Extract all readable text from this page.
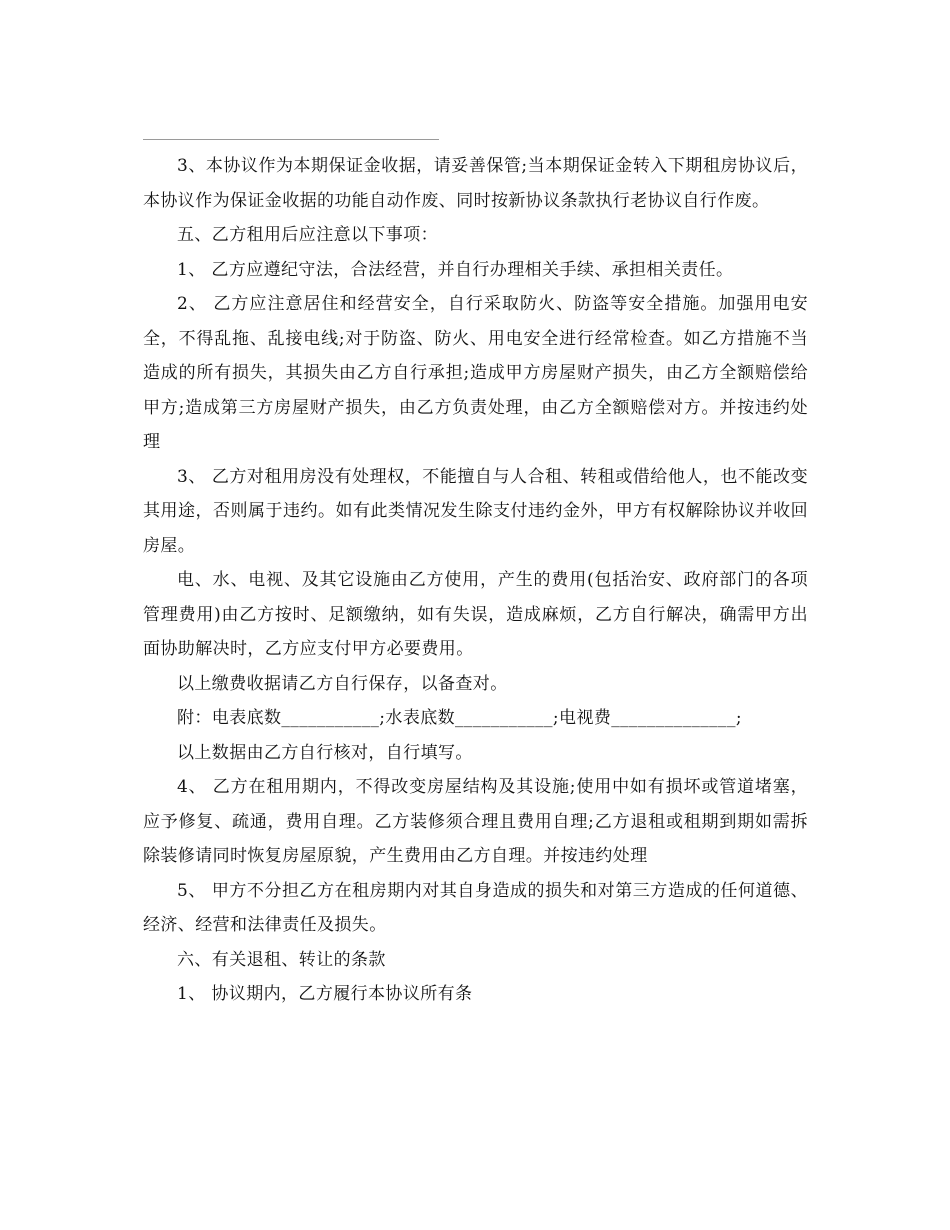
3、本协议作为本期保证金收据，请妥善保管;当本期保证金转入下期租房协议后，本协议作为保证金收据的功能自动作废、同时按新协议条款执行老协议自行作废。

五、乙方租用后应注意以下事项：

1、 乙方应遵纪守法，合法经营，并自行办理相关手续、承担相关责任。

2、 乙方应注意居住和经营安全，自行采取防火、防盗等安全措施。加强用电安全，不得乱拖、乱接电线;对于防盗、防火、用电安全进行经常检查。如乙方措施不当造成的所有损失，其损失由乙方自行承担;造成甲方房屋财产损失，由乙方全额赔偿给甲方;造成第三方房屋财产损失，由乙方负责处理，由乙方全额赔偿对方。并按违约处理

3、 乙方对租用房没有处理权，不能擅自与人合租、转租或借给他人，也不能改变其用途，否则属于违约。如有此类情况发生除支付违约金外，甲方有权解除协议并收回房屋。

电、水、电视、及其它设施由乙方使用，产生的费用(包括治安、政府部门的各项管理费用)由乙方按时、足额缴纳，如有失误，造成麻烦，乙方自行解决，确需甲方出面协助解决时，乙方应支付甲方必要费用。

以上缴费收据请乙方自行保存，以备查对。

附：电表底数___________;水表底数___________;电视费______________;

以上数据由乙方自行核对，自行填写。

4、 乙方在租用期内，不得改变房屋结构及其设施;使用中如有损坏或管道堵塞，应予修复、疏通，费用自理。乙方装修须合理且费用自理;乙方退租或租期到期如需拆除装修请同时恢复房屋原貌，产生费用由乙方自理。并按违约处理

5、 甲方不分担乙方在租房期内对其自身造成的损失和对第三方造成的任何道德、经济、经营和法律责任及损失。

六、有关退租、转让的条款

1、 协议期内，乙方履行本协议所有条
